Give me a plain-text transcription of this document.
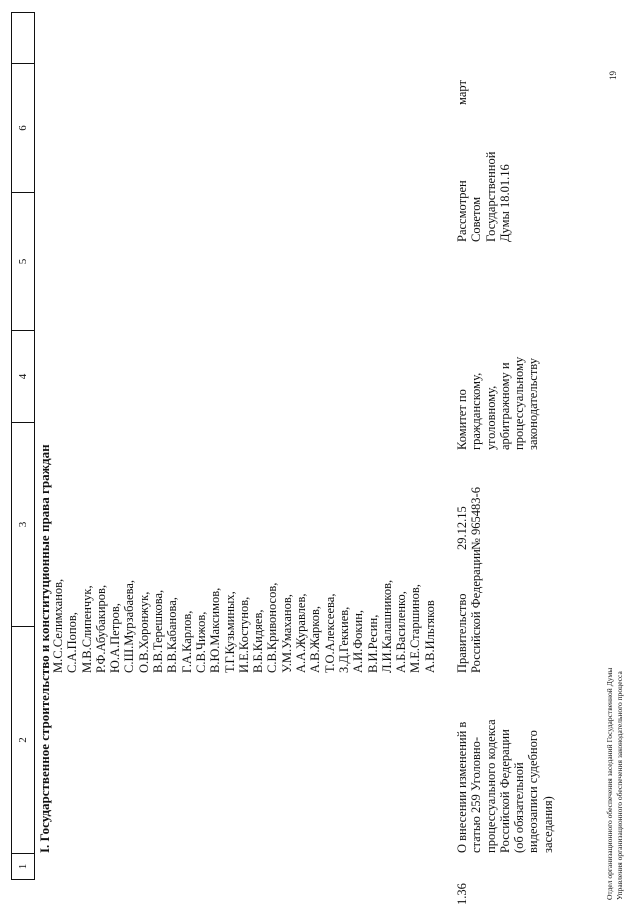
1
2
3
4
5
6
I. Государственное строительство и конституционные права граждан М.С.Селимханов,
С.А.Попов,
М.В.Слипенчук,
Р.Ф.Абубакиров,
Ю.А.Петров,
С.Ш.Мурзабаева,
О.В.Хоронжук,
В.В.Терешкова,
В.В.Кабанова,
Г.А.Карлов,
С.В.Чижов,
В.Ю.Максимов,
Т.Г.Кузьминых,
И.Е.Костунов,
В.Б.Кидяев,
С.В.Кривоносов,
У.М.Умаханов,
А.А.Журавлев,
А.В.Жарков,
Т.О.Алексеева,
З.Д.Геккиев,
А.И.Фокин,
В.И.Ресин,
Л.И.Калашников,
А.Б.Василенко,
М.Е.Старшинов,
А.В.Ильтяков
1.36
О внесении изменений в
статью 259 Уголовно-
процессуального кодекса
Российской Федерации
(об обязательной
видеозаписи судебного
заседания)
Правительство
Российской Федерации
29.12.15
№ 965483-6
Комитет по
гражданскому,
уголовному,
арбитражному и
процессуальному
законодательству
Рассмотрен
Советом
Государственной
Думы 18.01.16
март
Отдел организационного обеспечения заседаний Государственной Думы Управления организационного обеспечения законодательного процесса
19
